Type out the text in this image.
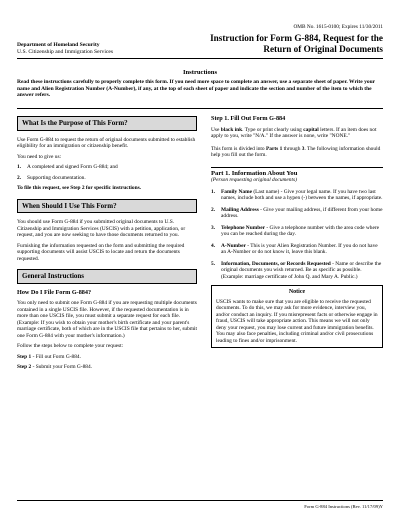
OMB No. 1615-0100; Expires 11/30/2011
Department of Homeland Security
U.S. Citizenship and Immigration Services
Instruction for Form G-884, Request for the
Return of Original Documents
Instructions
Read these instructions carefully to properly complete this form. If you need more space to complete an answer, use a separate sheet of paper. Write your name and Alien Registration Number (A-Number), if any, at the top of each sheet of paper and indicate the section and number of the item to which the answer refers.
What Is the Purpose of This Form?

Use Form G-884 to request the return of original documents submitted to establish eligibility for an immigration or citizenship benefit.

You need to give us:

1.	A completed and signed Form G-884; and
2.	Supporting documentation.

To file this request, see Step 2 for specific instructions.

When Should I Use This Form?

You should use Form G-884 if you submitted original documents to U.S. Citizenship and Immigration Services (USCIS) with a petition, application, or request, and you are now seeking to have those documents returned to you.

Furnishing the information requested on the form and submitting the required supporting documents will assist USCIS to locate and return the documents requested.

General Instructions
How Do I File Form G-884?

You only need to submit one Form G-884 if you are requesting multiple documents contained in a single USCIS file. However, if the requested documentation is in more than one USCIS file, you must submit a separate request for each file. (Example: If you wish to obtain your mother's birth certificate and your parent's marriage certificate, both of which are in the USCIS file that pertains to her, submit one Form G-884 with your mother's information.)

Follow the steps below to complete your request:

Step 1 - Fill out Form G-884.

Step 2 - Submit your Form G-884.

Step 1. Fill Out Form G-884

Use black ink. Type or print clearly using capital letters. If an item does not apply to you, write "N/A." If the answer is none, write "NONE."

This form is divided into Parts 1 through 3. The following information should help you fill out the form.

Part 1. Information About You
(Person requesting original documents)
1.	Family Name (Last name) - Give your legal name. If you have two last names, include both and use a hypen (-) between the names, if appropriate.
2.	Mailing Address - Give your mailing address, if different from your home address.
3.	Telephone Number - Give a telephone number with the area code where you can be reached during the day.
4.	A-Number - This is your Alien Registration Number. If you do not have an A-Number or do not know it, leave this blank.
5.	Information, Documents, or Records Requested - Name or describe the original documents you wish returned. Be as specific as possible. (Example: marriage certificate of John Q. and Mary A. Public.)
Notice
USCIS wants to make sure that you are eligible to receive the requested documents. To do this, we may ask for more evidence, interview you, and/or conduct an inquiry. If you misrepresent facts or otherwise engage in fraud, USCIS will take appropriate action. This means we will not only deny your request, you may lose current and future immigration benefits. You may also face penalties, including criminal and/or civil prosecutions leading to fines and/or imprisonment.
Form G-884 Instructions (Rev. 11/17/09)Y
